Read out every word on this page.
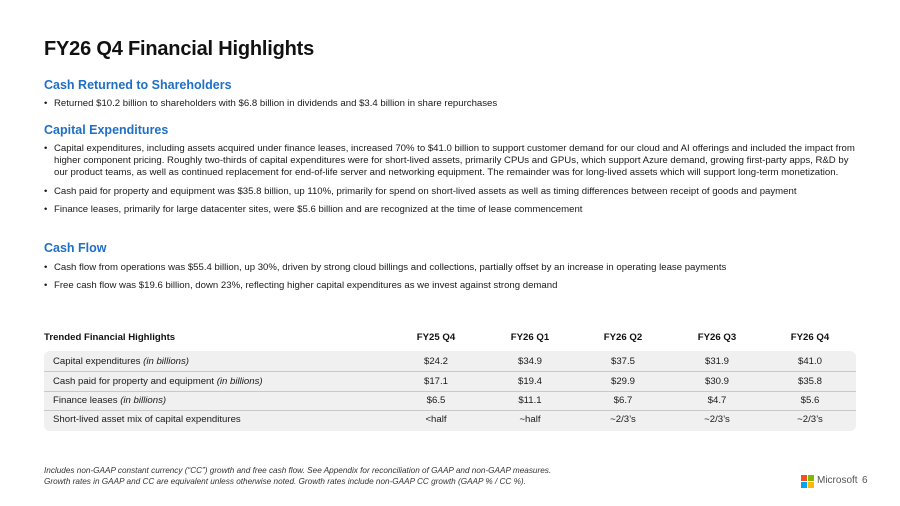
FY26 Q4 Financial Highlights
Cash Returned to Shareholders
• Returned $10.2 billion to shareholders with $6.8 billion in dividends and $3.4 billion in share repurchases
Capital Expenditures
• Capital expenditures, including assets acquired under finance leases, increased 70% to $41.0 billion to support customer demand for our cloud and AI offerings and included the impact from higher component pricing. Roughly two-thirds of capital expenditures were for short-lived assets, primarily CPUs and GPUs, which support Azure demand, growing first-party apps, R&D by our product teams, as well as continued replacement for end-of-life server and networking equipment. The remainder was for long-lived assets which will support long-term monetization.
• Cash paid for property and equipment was $35.8 billion, up 110%, primarily for spend on short-lived assets as well as timing differences between receipt of goods and payment
• Finance leases, primarily for large datacenter sites, were $5.6 billion and are recognized at the time of lease commencement
Cash Flow
• Cash flow from operations was $55.4 billion, up 30%, driven by strong cloud billings and collections, partially offset by an increase in operating lease payments
• Free cash flow was $19.6 billion, down 23%, reflecting higher capital expenditures as we invest against strong demand
Trended Financial Highlights	FY25 Q4	FY26 Q1	FY26 Q2	FY26 Q3	FY26 Q4
Capital expenditures (in billions)	$24.2	$34.9	$37.5	$31.9	$41.0
Cash paid for property and equipment (in billions)	$17.1	$19.4	$29.9	$30.9	$35.8
Finance leases (in billions)	$6.5	$11.1	$6.7	$4.7	$5.6
Short-lived asset mix of capital expenditures	<half	~half	~2/3’s	~2/3’s	~2/3’s
Includes non-GAAP constant currency (“CC”) growth and free cash flow. See Appendix for reconciliation of GAAP and non-GAAP measures.
Growth rates in GAAP and CC are equivalent unless otherwise noted. Growth rates include non-GAAP CC growth (GAAP % / CC %).	Microsoft 6
